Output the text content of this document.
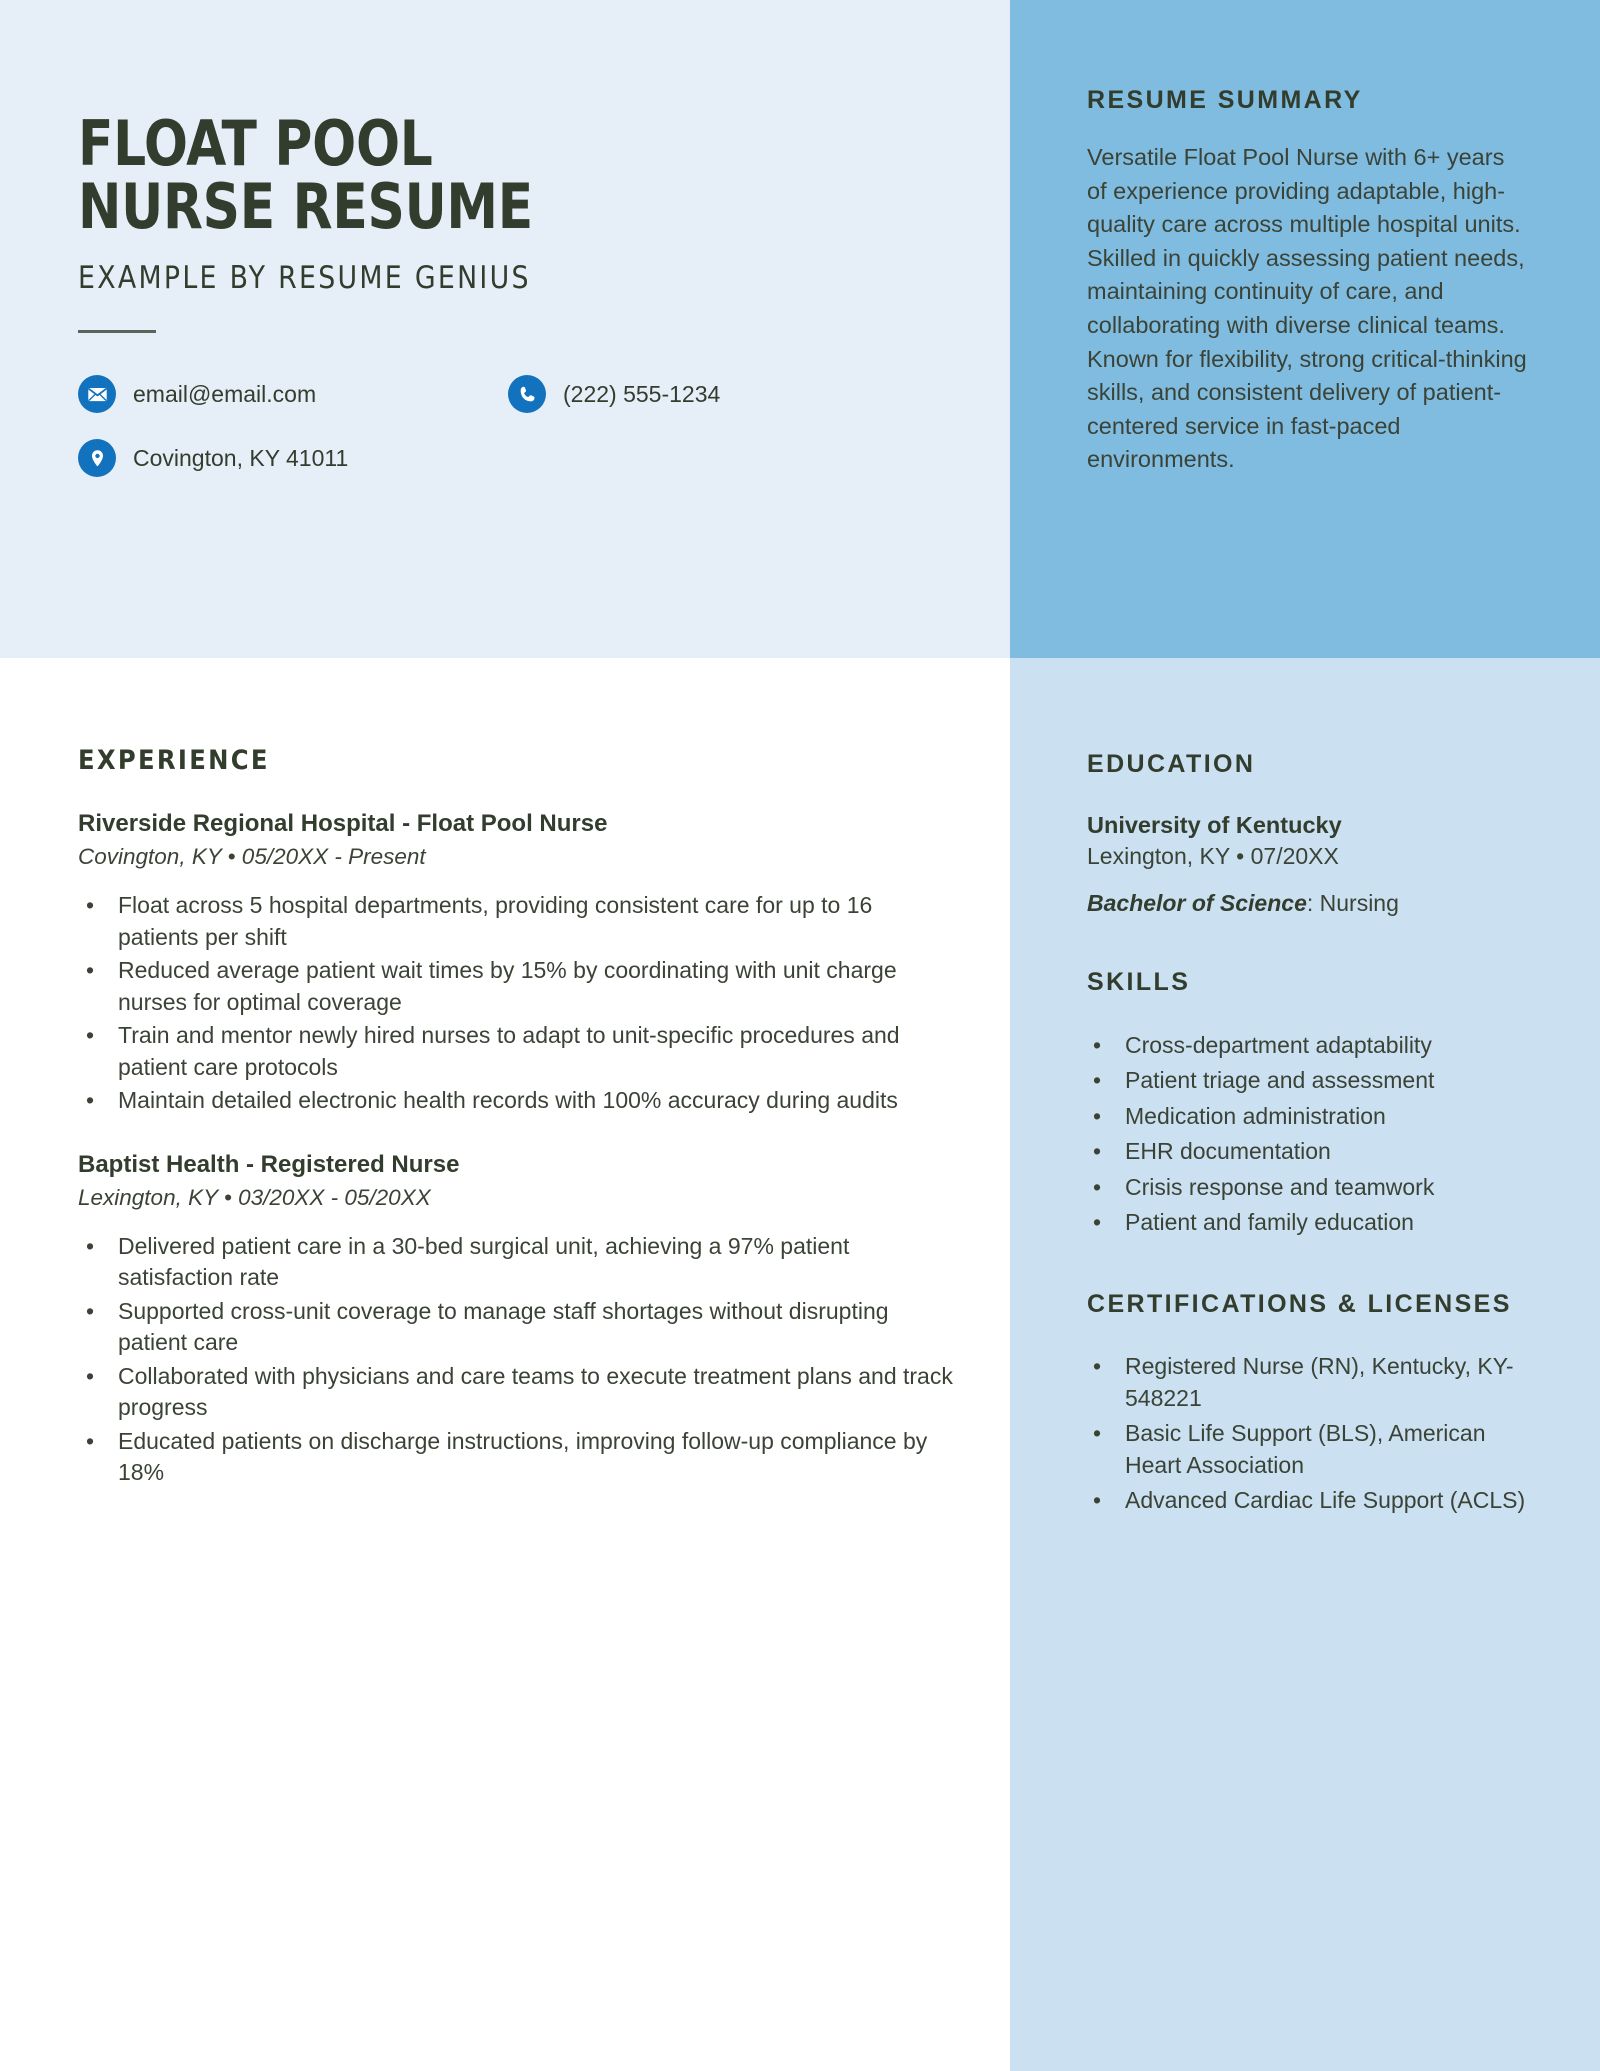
FLOAT POOL
NURSE RESUME
EXAMPLE BY RESUME GENIUS
email@email.com	(222) 555-1234
Covington, KY 41011
RESUME SUMMARY

Versatile Float Pool Nurse with 6+ years of experience providing adaptable, high-quality care across multiple hospital units. Skilled in quickly assessing patient needs, maintaining continuity of care, and collaborating with diverse clinical teams. Known for flexibility, strong critical-thinking skills, and consistent delivery of patient-centered service in fast-paced environments.

EXPERIENCE
Riverside Regional Hospital - Float Pool Nurse
Covington, KY • 05/20XX - Present
• Float across 5 hospital departments, providing consistent care for up to 16 patients per shift
• Reduced average patient wait times by 15% by coordinating with unit charge nurses for optimal coverage
• Train and mentor newly hired nurses to adapt to unit-specific procedures and patient care protocols
• Maintain detailed electronic health records with 100% accuracy during audits
Baptist Health - Registered Nurse
Lexington, KY • 03/20XX - 05/20XX
• Delivered patient care in a 30-bed surgical unit, achieving a 97% patient satisfaction rate
• Supported cross-unit coverage to manage staff shortages without disrupting patient care
• Collaborated with physicians and care teams to execute treatment plans and track progress
• Educated patients on discharge instructions, improving follow-up compliance by 18%
EDUCATION
University of Kentucky
Lexington, KY • 07/20XX
Bachelor of Science: Nursing
SKILLS
• Cross-department adaptability
• Patient triage and assessment
• Medication administration
• EHR documentation
• Crisis response and teamwork
• Patient and family education
CERTIFICATIONS & LICENSES
• Registered Nurse (RN), Kentucky, KY-548221
• Basic Life Support (BLS), American Heart Association
• Advanced Cardiac Life Support (ACLS)
